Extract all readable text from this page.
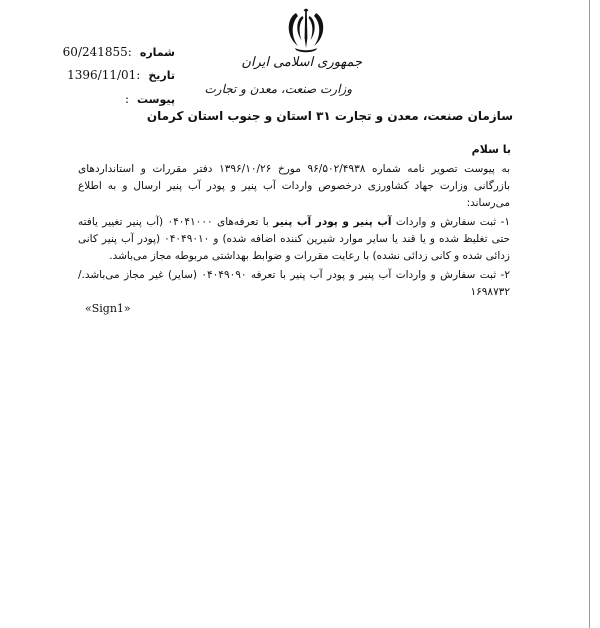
جمهوری اسلامی ایران
وزارت صنعت، معدن و تجارت
60/241855: شماره
1396/11/01: تاریخ
: پیوست
سازمان صنعت، معدن و تجارت ۳۱ استان و جنوب استان کرمان
با سلام

به پیوست تصویر نامه شماره ۹۶/۵۰۲/۴۹۳۸ مورخ ۱۳۹۶/۱۰/۲۶ دفتر مقررات و استانداردهای بازرگانی وزارت جهاد کشاورزی درخصوص واردات آب پنیر و پودر آب پنیر ارسال و به اطلاع می‌رساند:

۱- ثبت سفارش و واردات آب پنیر و پودر آب پنیر با تعرفه‌های ۰۴۰۴۱۰۰۰ (آب پنیر تغییر یافته حتی تغلیظ شده و یا قند یا سایر موارد شیرین کننده اضافه شده) و ۰۴۰۴۹۰۱۰ (پودر آب پنیر کانی زدائی شده و کانی زدائی نشده) با رعایت مقررات و ضوابط بهداشتی مربوطه مجاز می‌باشد.

۲- ثبت سفارش و واردات آب پنیر و پودر آب پنیر با تعرفه ۰۴۰۴۹۰۹۰ (سایر) غیر مجاز می‌باشد./۱۶۹۸۷۳۲

«Sign1»
